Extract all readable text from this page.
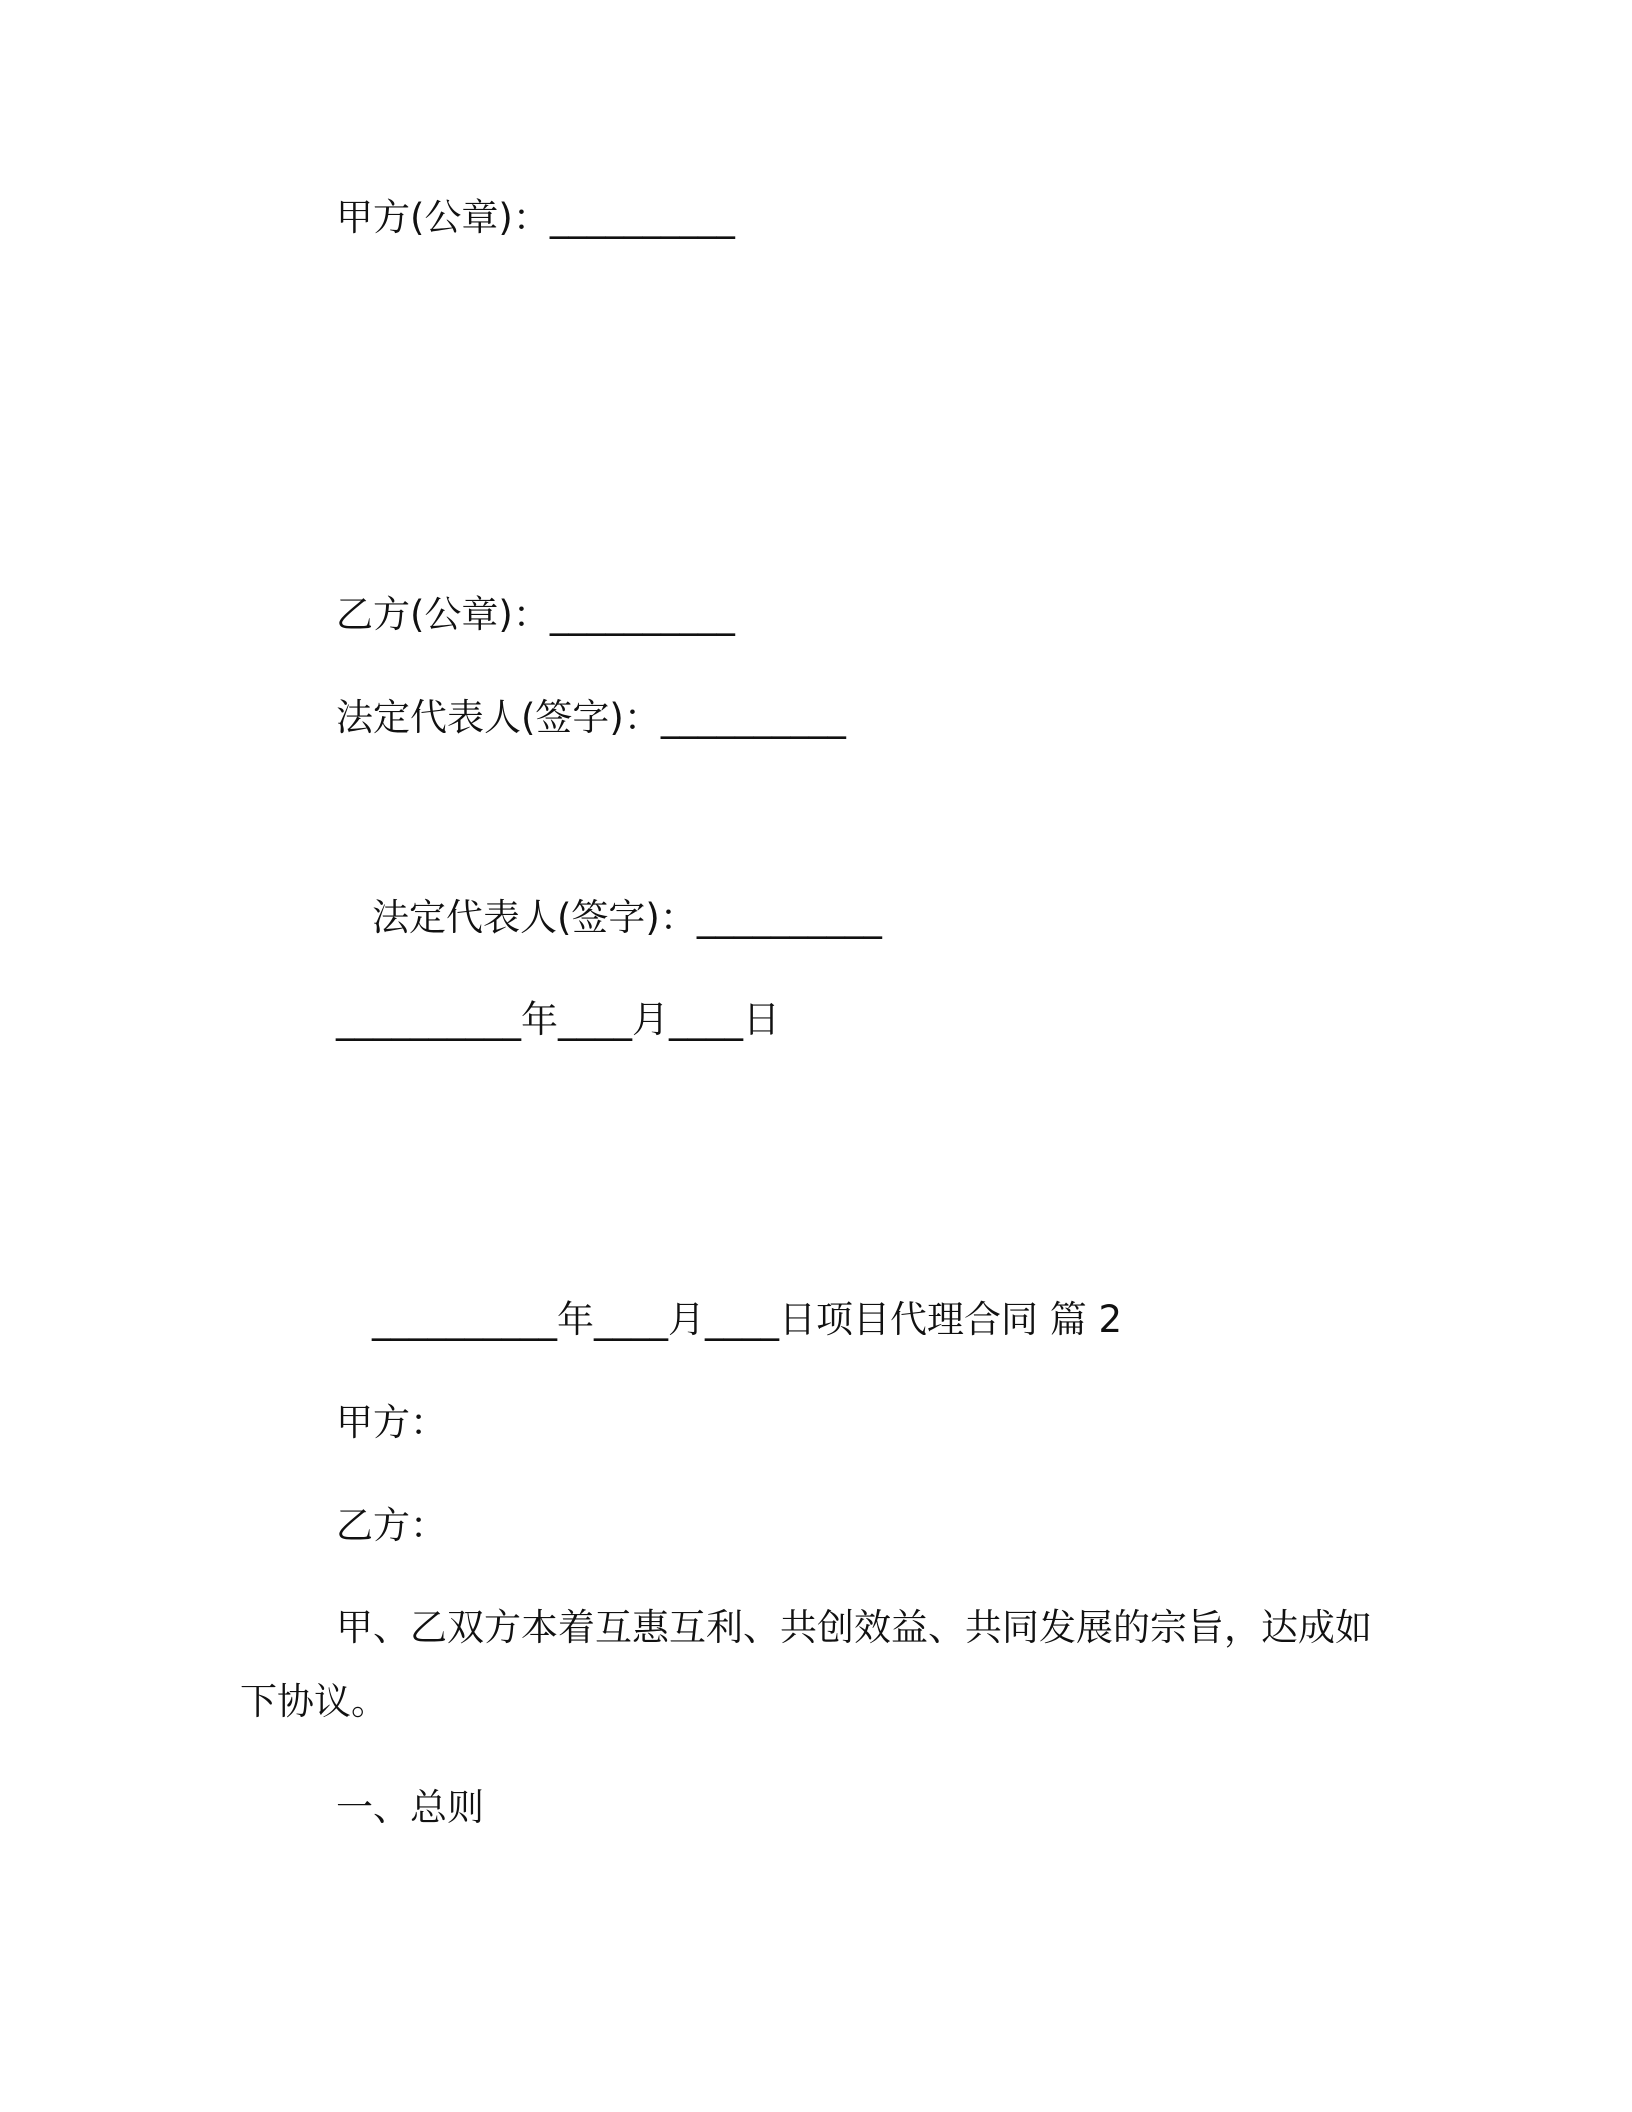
甲方(公章)：__________
乙方(公章)：__________
法定代表人(签字)：__________
法定代表人(签字)：__________
__________年____月____日
__________年____月____日项目代理合同 篇 2
甲方：
乙方：
甲、乙双方本着互惠互利、共创效益、共同发展的宗旨，达成如下协议。
一、总则
